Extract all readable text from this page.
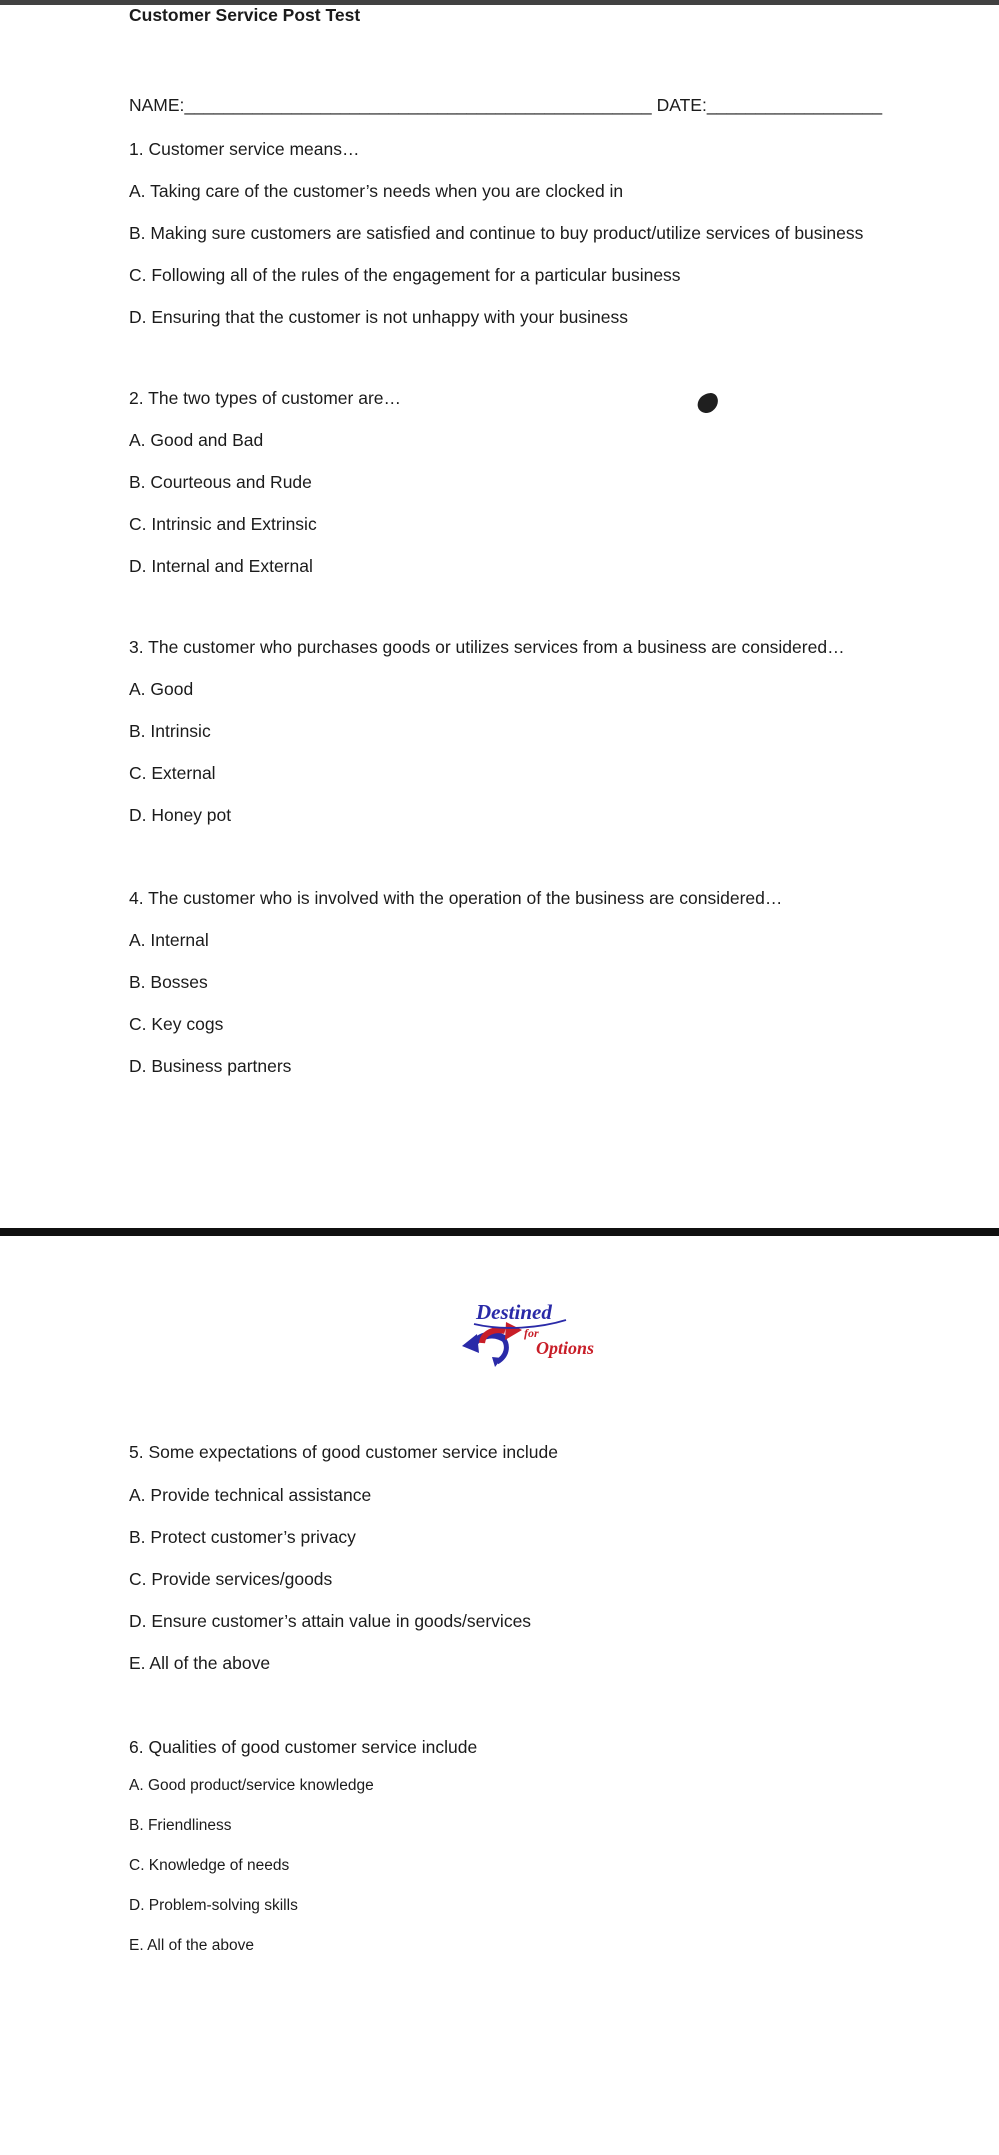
Customer Service Post Test
NAME:________________________________________________ DATE:__________________
1. Customer service means…
A. Taking care of the customer’s needs when you are clocked in
B. Making sure customers are satisfied and continue to buy product/utilize services of business
C. Following all of the rules of the engagement for a particular business
D. Ensuring that the customer is not unhappy with your business
2. The two types of customer are…
A. Good and Bad
B. Courteous and Rude
C. Intrinsic and Extrinsic
D. Internal and External
3. The customer who purchases goods or utilizes services from a business are considered…
A. Good
B. Intrinsic
C. External
D. Honey pot
4. The customer who is involved with the operation of the business are considered…
A. Internal
B. Bosses
C. Key cogs
D. Business partners
Destined
for
Options
5. Some expectations of good customer service include
A. Provide technical assistance
B. Protect customer’s privacy
C. Provide services/goods
D. Ensure customer’s attain value in goods/services
E. All of the above
6. Qualities of good customer service include
A. Good product/service knowledge
B. Friendliness
C. Knowledge of needs
D. Problem-solving skills
E. All of the above
